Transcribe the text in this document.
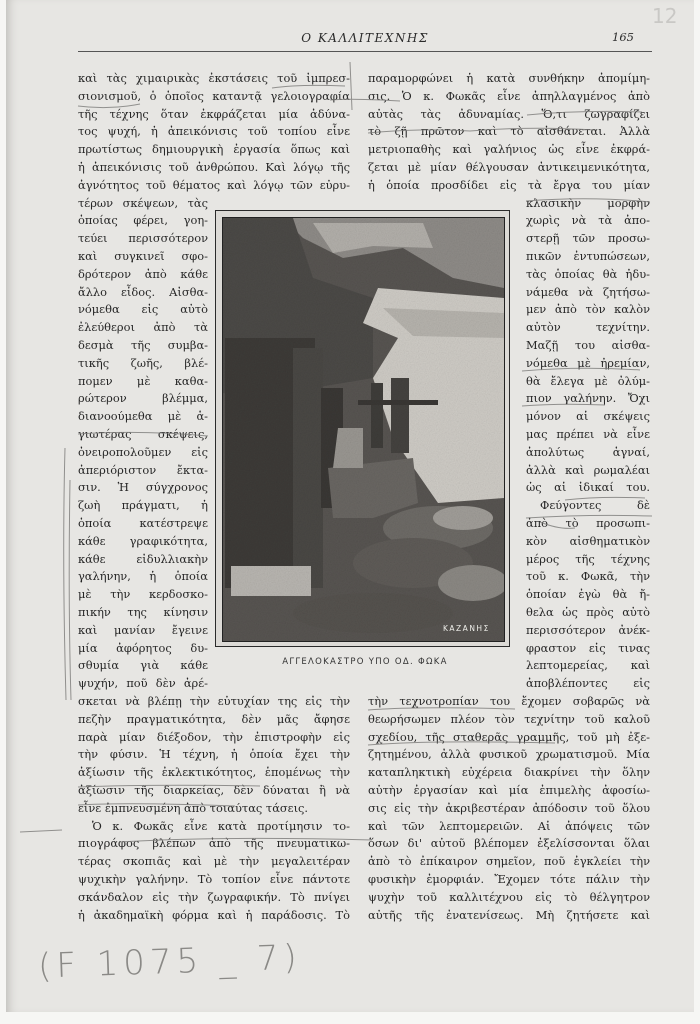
12
Ο ΚΑΛΛΙΤΕΧΝΗΣ	165
καὶ τὰς χιμαιρικὰς ἐκστάσεις τοῦ ἰμπρεσ-
σιονισμοῦ, ὁ ὁποῖος καταντᾷ γελοιογραφία
τῆς τέχνης ὅταν ἐκφράζεται μία ἀδύνα-
τος ψυχή, ἡ ἀπεικόνισις τοῦ τοπίου εἶνε
πρωτίστως δημιουργικὴ ἐργασία ὅπως καὶ
ἡ ἀπεικόνισις τοῦ ἀνθρώπου. Καὶ λόγῳ τῆς
ἀγνότητος τοῦ θέματος καὶ λόγῳ τῶν εὐρυ-
τέρων σκέψεων, τὰς
ὁποίας φέρει, γοη-
τεύει περισσότερον
καὶ συγκινεῖ σφο-
δρότερον ἀπὸ κάθε
ἄλλο εἶδος. Αἰσθα-
νόμεθα εἰς αὐτὸ
ἐλεύθεροι ἀπὸ τὰ
δεσμὰ τῆς συμβα-
τικῆς ζωῆς, βλέ-
πομεν μὲ καθα-
ρώτερον βλέμμα,
διανοούμεθα μὲ ἁ-
γιωτέρας σκέψεις,
ὀνειροπολοῦμεν εἰς
ἀπεριόριστον ἔκτα-
σιν. Ἡ σύγχρονος
ζωὴ πράγματι, ἡ
ὁποία κατέστρεψε
κάθε γραφικότητα,
κάθε εἰδυλλιακὴν
γαλήνην, ἡ ὁποία
μὲ τὴν κερδοσκο-
πικήν της κίνησιν
καὶ μανίαν ἔγεινε
μία ἀφόρητος δυ-
σθυμία γιὰ κάθε
ψυχήν, ποῦ δὲν ἀρέ-
σκεται νὰ βλέπῃ τὴν εὐτυχίαν της εἰς τὴν
πεζὴν πραγματικότητα, δὲν μᾶς ἄφησε
παρὰ μίαν διέξοδον, τὴν ἐπιστροφὴν εἰς
τὴν φύσιν. Ἡ τέχνη, ἡ ὁποία ἔχει τὴν
ἀξίωσιν τῆς ἐκλεκτικότητος, ἑπομένως τὴν
ἀξίωσιν τῆς διαρκείας, δὲν δύναται ἢ νὰ
εἶνε ἐμπνευσμένη ἀπὸ τοιαύτας τάσεις.
Ὁ κ. Φωκᾶς εἶνε κατὰ προτίμησιν το-
πιογράφος βλέπων ἀπὸ τῆς πνευματικω-
τέρας σκοπιᾶς καὶ μὲ τὴν μεγαλειτέραν
ψυχικὴν γαλήνην. Τὸ τοπίον εἶνε πάντοτε
σκάνδαλον εἰς τὴν ζωγραφικήν. Τὸ πνίγει
ἡ ἀκαδημαϊκὴ φόρμα καὶ ἡ παράδοσις. Τὸ
παραμορφώνει ἡ κατὰ συνθήκην ἀπομίμη-
σις. Ὁ κ. Φωκᾶς εἶνε ἀπηλλαγμένος ἀπὸ
αὐτὰς τὰς ἀδυναμίας. Ὅ,τι ζωγραφίζει
τὸ ζῇ πρῶτον καὶ τὸ αἰσθάνεται. Ἀλλὰ
μετριοπαθὴς καὶ γαλήνιος ὡς εἶνε ἐκφρά-
ζεται μὲ μίαν θέλγουσαν ἀντικειμενικότητα,
ἡ ὁποία προσδίδει εἰς τὰ ἔργα του μίαν
κλασικὴν μορφὴν
χωρὶς νὰ τὰ ἀπο-
στερῇ τῶν προσω-
πικῶν ἐντυπώσεων,
τὰς ὁποίας θὰ ἠδυ-
νάμεθα νὰ ζητήσω-
μεν ἀπὸ τὸν καλὸν
αὐτὸν τεχνίτην.
Μαζῇ του αἰσθα-
νόμεθα μὲ ἠρεμίαν,
θὰ ἔλεγα μὲ ὀλύμ-
πιον γαλήνην. Ὄχι
μόνον αἱ σκέψεις
μας πρέπει νὰ εἶνε
ἀπολύτως ἁγναί,
ἀλλὰ καὶ ρωμαλέαι
ὡς αἱ ἰδικαί του.
Φεύγοντες δὲ
ἀπὸ τὸ προσωπι-
κὸν αἰσθηματικὸν
μέρος τῆς τέχνης
τοῦ κ. Φωκᾶ, τὴν
ὁποίαν ἐγὼ θὰ ἤ-
θελα ὡς πρὸς αὐτὸ
περισσότερον ἀνέκ-
φραστον εἰς τινας
λεπτομερείας, καὶ
ἀποβλέποντες εἰς
τὴν τεχνοτροπίαν του ἔχομεν σοβαρῶς νὰ
θεωρήσωμεν πλέον τὸν τεχνίτην τοῦ καλοῦ
σχεδίου, τῆς σταθερᾶς γραμμῆς, τοῦ μὴ ἐξε-
ζητημένου, ἀλλὰ φυσικοῦ χρωματισμοῦ. Μία
καταπληκτικὴ εὐχέρεια διακρίνει τὴν ὅλην
αὐτὴν ἐργασίαν καὶ μία ἐπιμελὴς ἀφοσίω-
σις εἰς τὴν ἀκριβεστέραν ἀπόδοσιν τοῦ ὅλου
καὶ τῶν λεπτομερειῶν. Αἱ ἀπόψεις τῶν
ὅσων δι' αὐτοῦ βλέπομεν ἐξελίσσονται ὅλαι
ἀπὸ τὸ ἐπίκαιρον σημεῖον, ποῦ ἐγκλείει τὴν
φυσικὴν ἐμορφιάν. Ἔχομεν τότε πάλιν τὴν
ψυχὴν τοῦ καλλιτέχνου εἰς τὸ θέλγητρον
αὐτῆς τῆς ἐνατενίσεως. Μὴ ζητήσετε καὶ
ΚΑΖΑΝΗΣ
ΑΓΓΕΛΟΚΑΣΤΡΟ ΥΠΟ ΟΔ. ΦΩΚΑ
(F 1075 _ 7)
